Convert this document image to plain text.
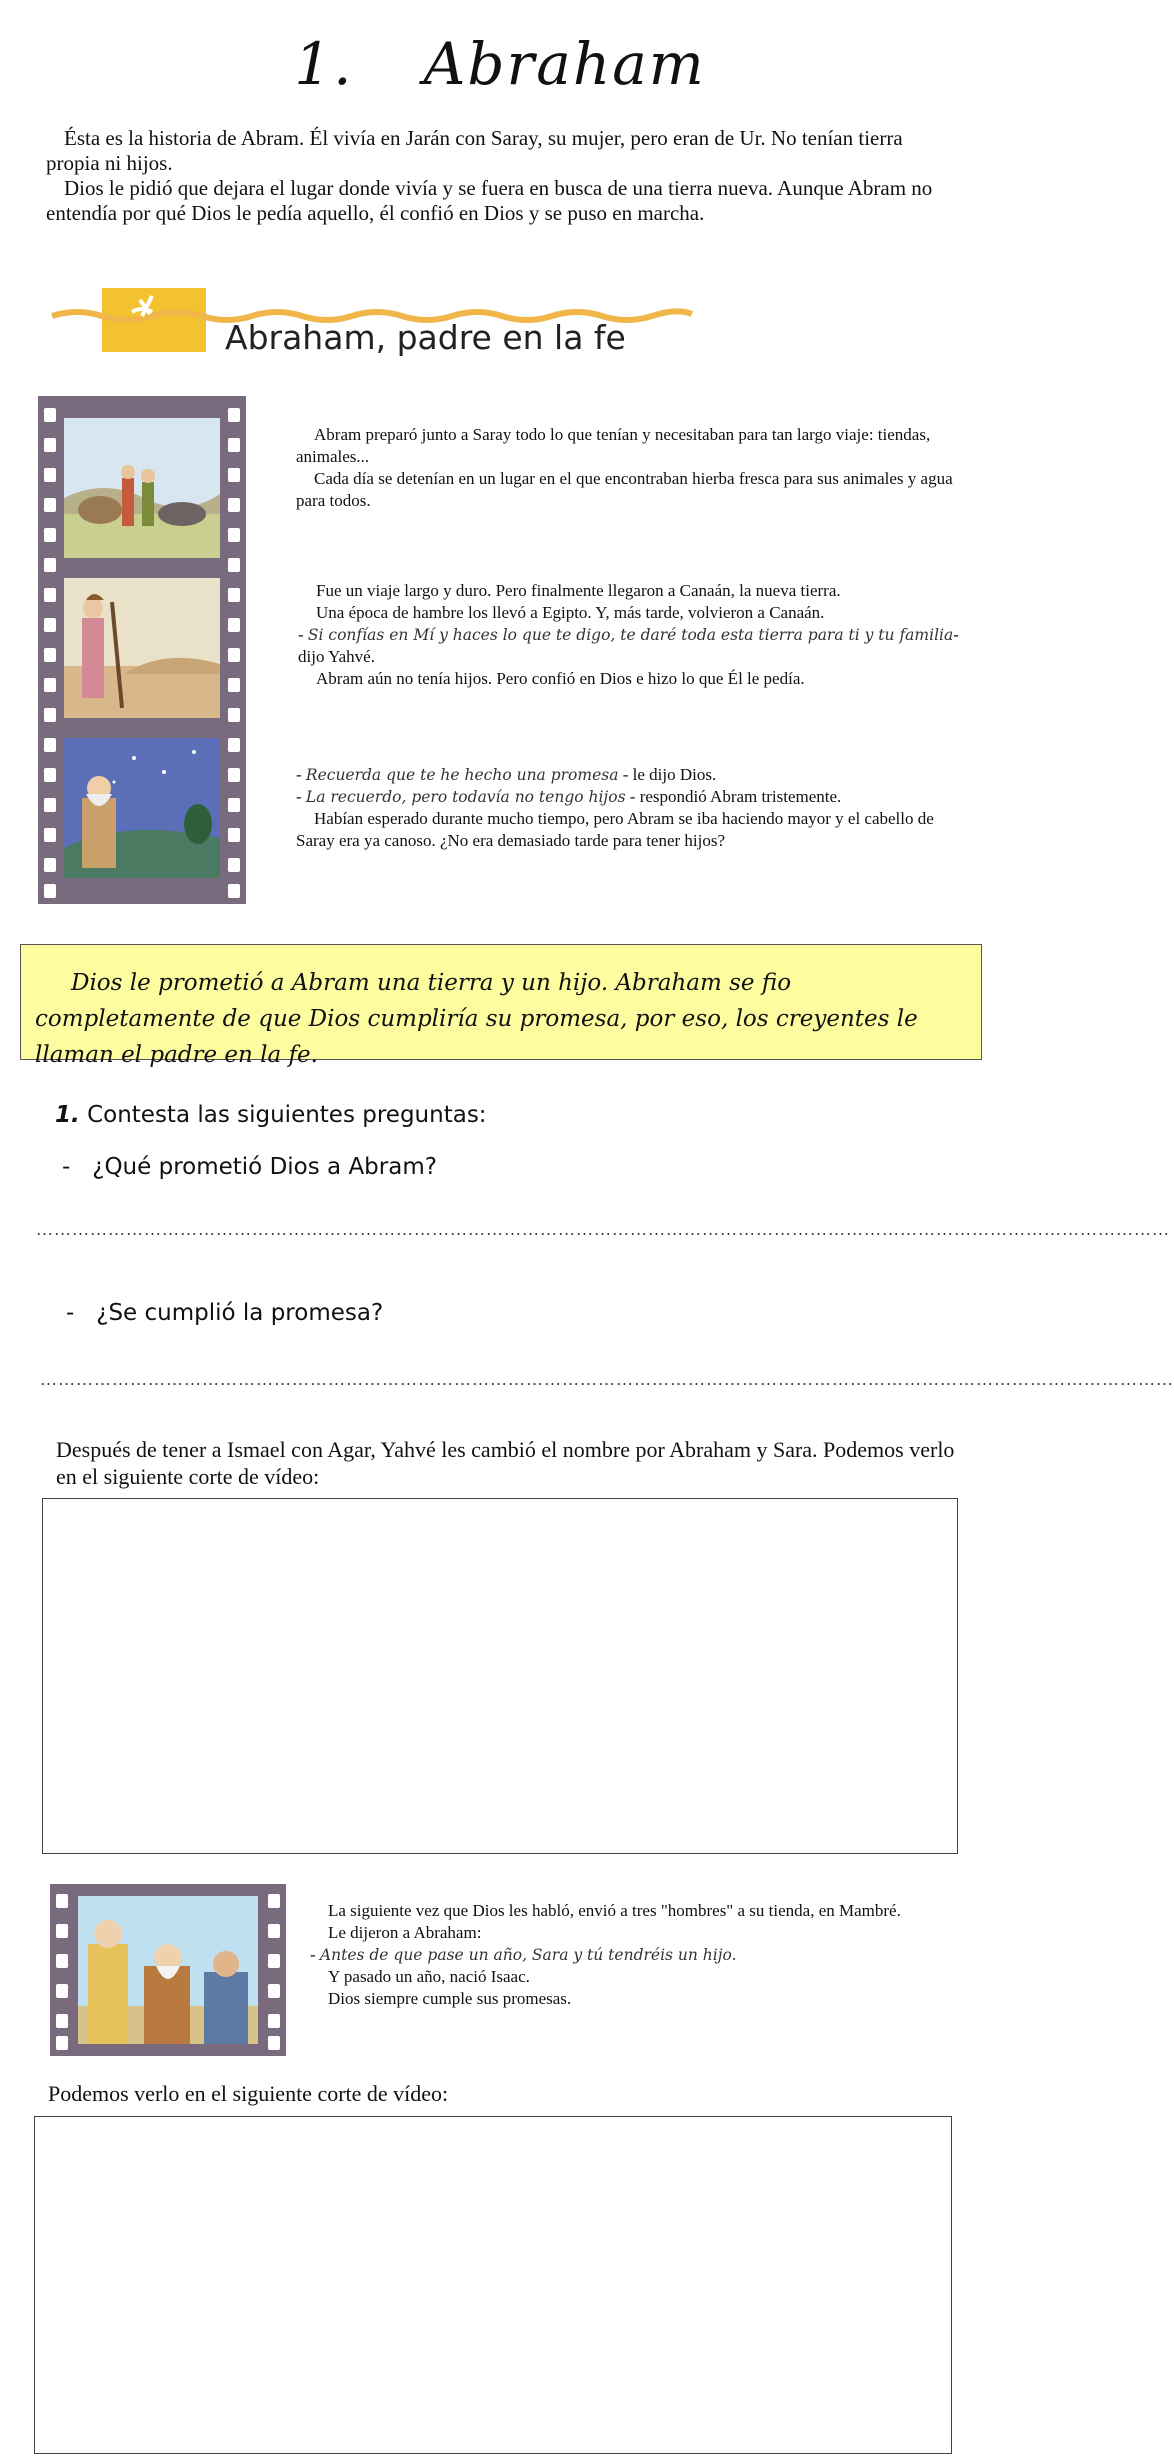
1. Abraham

Ésta es la historia de Abram. Él vivía en Jarán con Saray, su mujer, pero eran de Ur. No tenían tierra propia ni hijos.

Dios le pidió que dejara el lugar donde vivía y se fuera en busca de una tierra nueva. Aunque Abram no entendía por qué Dios le pedía aquello, él confió en Dios y se puso en marcha.

Abraham, padre en la fe

Abram preparó junto a Saray todo lo que tenían y necesitaban para tan largo viaje: tiendas, animales...

Cada día se detenían en un lugar en el que encontraban hierba fresca para sus animales y agua para todos.

Fue un viaje largo y duro. Pero finalmente llegaron a Canaán, la nueva tierra.

Una época de hambre los llevó a Egipto. Y, más tarde, volvieron a Canaán.

- Si confías en Mí y haces lo que te digo, te daré toda esta tierra para ti y tu familia- dijo Yahvé.

Abram aún no tenía hijos. Pero confió en Dios e hizo lo que Él le pedía.

- Recuerda que te he hecho una promesa - le dijo Dios.

- La recuerdo, pero todavía no tengo hijos - respondió Abram tristemente.

Habían esperado durante mucho tiempo, pero Abram se iba haciendo mayor y el cabello de Saray era ya canoso. ¿No era demasiado tarde para tener hijos?

Dios le prometió a Abram una tierra y un hijo. Abraham se fio completamente de que Dios cumpliría su promesa, por eso, los creyentes le llaman el padre en la fe.
1. Contesta las siguientes preguntas:
- ¿Qué prometió Dios a Abram?
………………………………………………………………………………………………………………………………………………………………………
- ¿Se cumplió la promesa?
………………………………………………………………………………………………………………………………………………………………………
Después de tener a Ismael con Agar, Yahvé les cambió el nombre por Abraham y Sara. Podemos verlo en el siguiente corte de vídeo:

La siguiente vez que Dios les habló, envió a tres "hombres" a su tienda, en Mambré.

Le dijeron a Abraham:

- Antes de que pase un año, Sara y tú tendréis un hijo.

Y pasado un año, nació Isaac.

Dios siempre cumple sus promesas.

Podemos verlo en el siguiente corte de vídeo:
